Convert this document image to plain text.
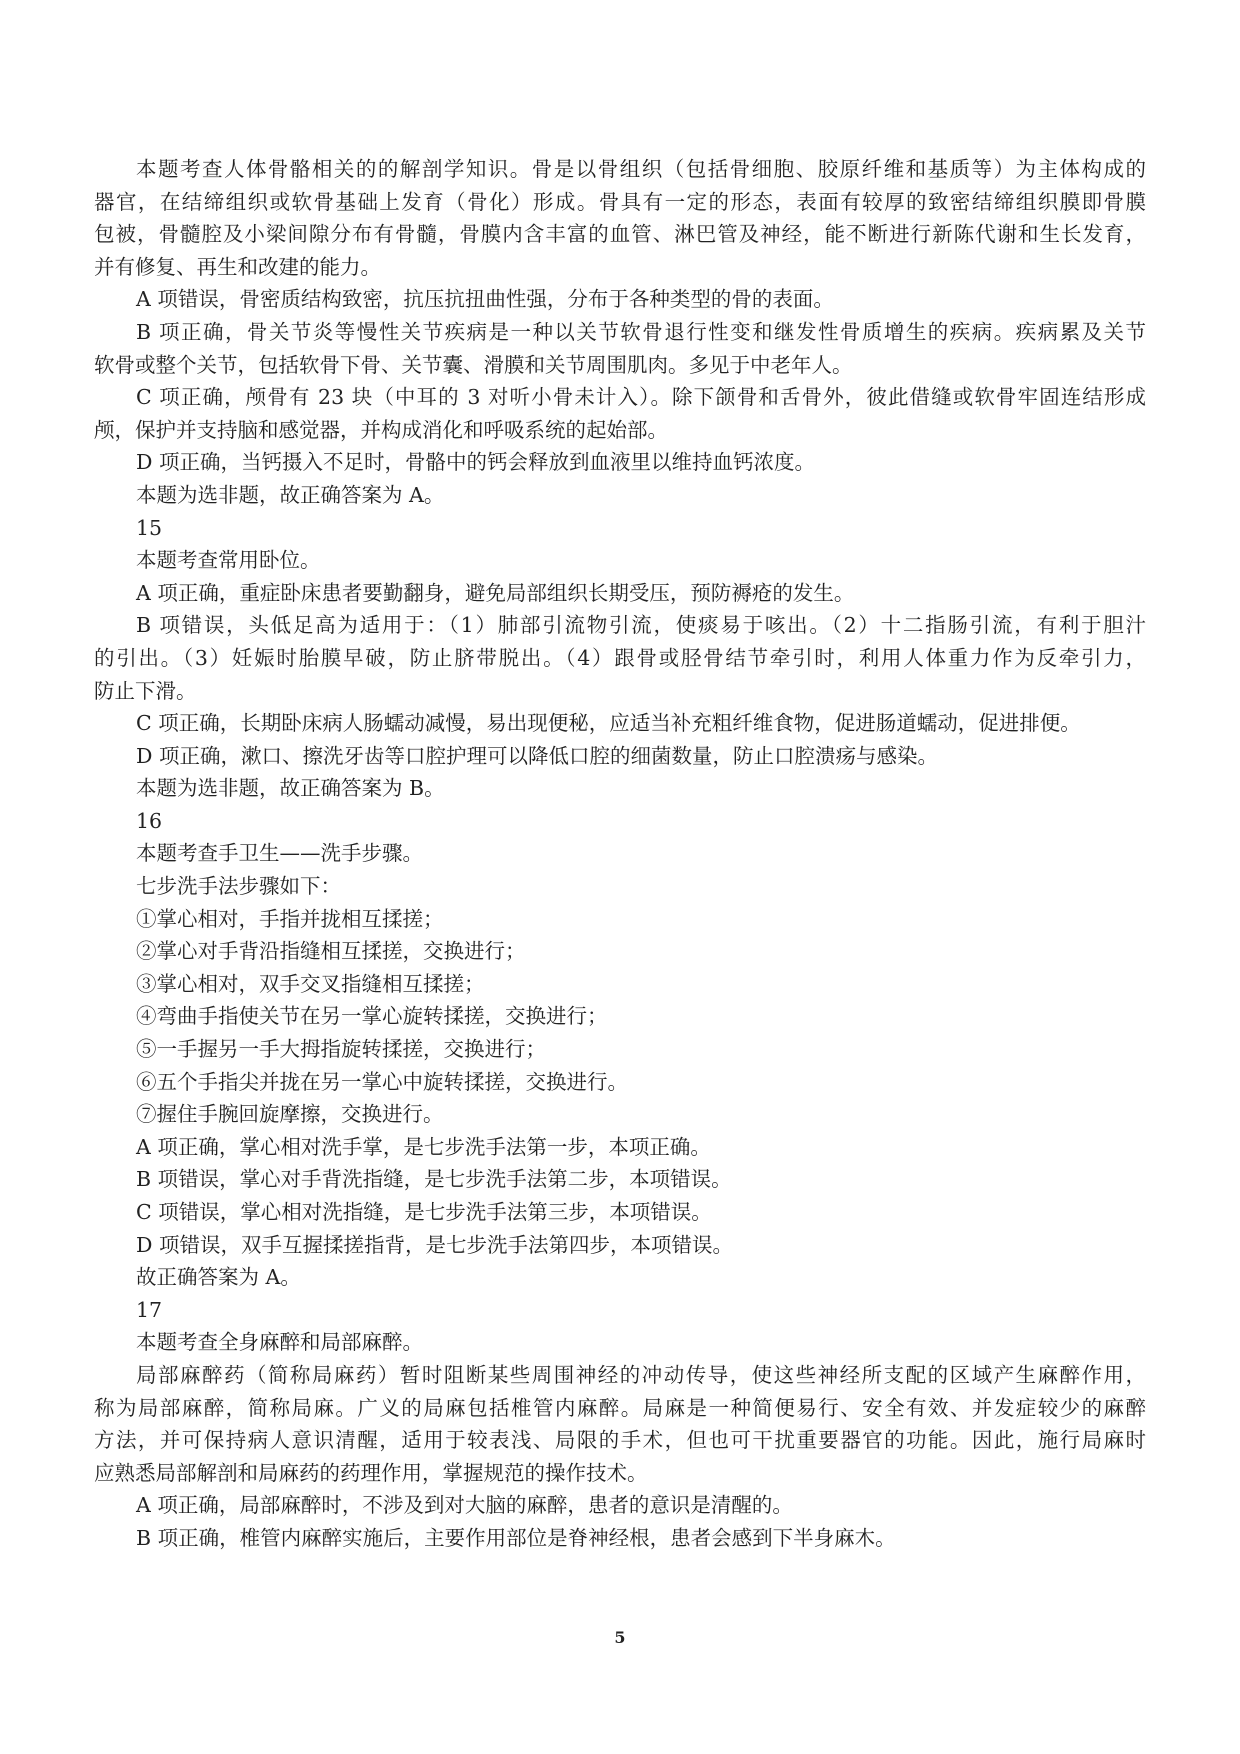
本题考查人体骨骼相关的的解剖学知识。骨是以骨组织（包括骨细胞、胶原纤维和基质等）为主体构成的
器官，在结缔组织或软骨基础上发育（骨化）形成。骨具有一定的形态，表面有较厚的致密结缔组织膜即骨膜
包被，骨髓腔及小梁间隙分布有骨髓，骨膜内含丰富的血管、淋巴管及神经，能不断进行新陈代谢和生长发育，
并有修复、再生和改建的能力。
A 项错误，骨密质结构致密，抗压抗扭曲性强，分布于各种类型的骨的表面。
B 项正确，骨关节炎等慢性关节疾病是一种以关节软骨退行性变和继发性骨质增生的疾病。疾病累及关节
软骨或整个关节，包括软骨下骨、关节囊、滑膜和关节周围肌肉。多见于中老年人。
C 项正确，颅骨有 23 块（中耳的 3 对听小骨未计入）。除下颌骨和舌骨外，彼此借缝或软骨牢固连结形成
颅，保护并支持脑和感觉器，并构成消化和呼吸系统的起始部。
D 项正确，当钙摄入不足时，骨骼中的钙会释放到血液里以维持血钙浓度。
本题为选非题，故正确答案为 A。
15
本题考查常用卧位。
A 项正确，重症卧床患者要勤翻身，避免局部组织长期受压，预防褥疮的发生。
B 项错误，头低足高为适用于：（1）肺部引流物引流，使痰易于咳出。（2）十二指肠引流，有利于胆汁
的引出。（3）妊娠时胎膜早破，防止脐带脱出。（4）跟骨或胫骨结节牵引时，利用人体重力作为反牵引力，
防止下滑。
C 项正确，长期卧床病人肠蠕动减慢，易出现便秘，应适当补充粗纤维食物，促进肠道蠕动，促进排便。
D 项正确，漱口、擦洗牙齿等口腔护理可以降低口腔的细菌数量，防止口腔溃疡与感染。
本题为选非题，故正确答案为 B。
16
本题考查手卫生——洗手步骤。
七步洗手法步骤如下：
①掌心相对，手指并拢相互揉搓；
②掌心对手背沿指缝相互揉搓，交换进行；
③掌心相对，双手交叉指缝相互揉搓；
④弯曲手指使关节在另一掌心旋转揉搓，交换进行；
⑤一手握另一手大拇指旋转揉搓，交换进行；
⑥五个手指尖并拢在另一掌心中旋转揉搓，交换进行。
⑦握住手腕回旋摩擦，交换进行。
A 项正确，掌心相对洗手掌，是七步洗手法第一步，本项正确。
B 项错误，掌心对手背洗指缝，是七步洗手法第二步，本项错误。
C 项错误，掌心相对洗指缝，是七步洗手法第三步，本项错误。
D 项错误，双手互握揉搓指背，是七步洗手法第四步，本项错误。
故正确答案为 A。
17
本题考查全身麻醉和局部麻醉。
局部麻醉药（简称局麻药）暂时阻断某些周围神经的冲动传导，使这些神经所支配的区域产生麻醉作用，
称为局部麻醉，简称局麻。广义的局麻包括椎管内麻醉。局麻是一种简便易行、安全有效、并发症较少的麻醉
方法，并可保持病人意识清醒，适用于较表浅、局限的手术，但也可干扰重要器官的功能。因此，施行局麻时
应熟悉局部解剖和局麻药的药理作用，掌握规范的操作技术。
A 项正确，局部麻醉时，不涉及到对大脑的麻醉，患者的意识是清醒的。
B 项正确，椎管内麻醉实施后，主要作用部位是脊神经根，患者会感到下半身麻木。
5
